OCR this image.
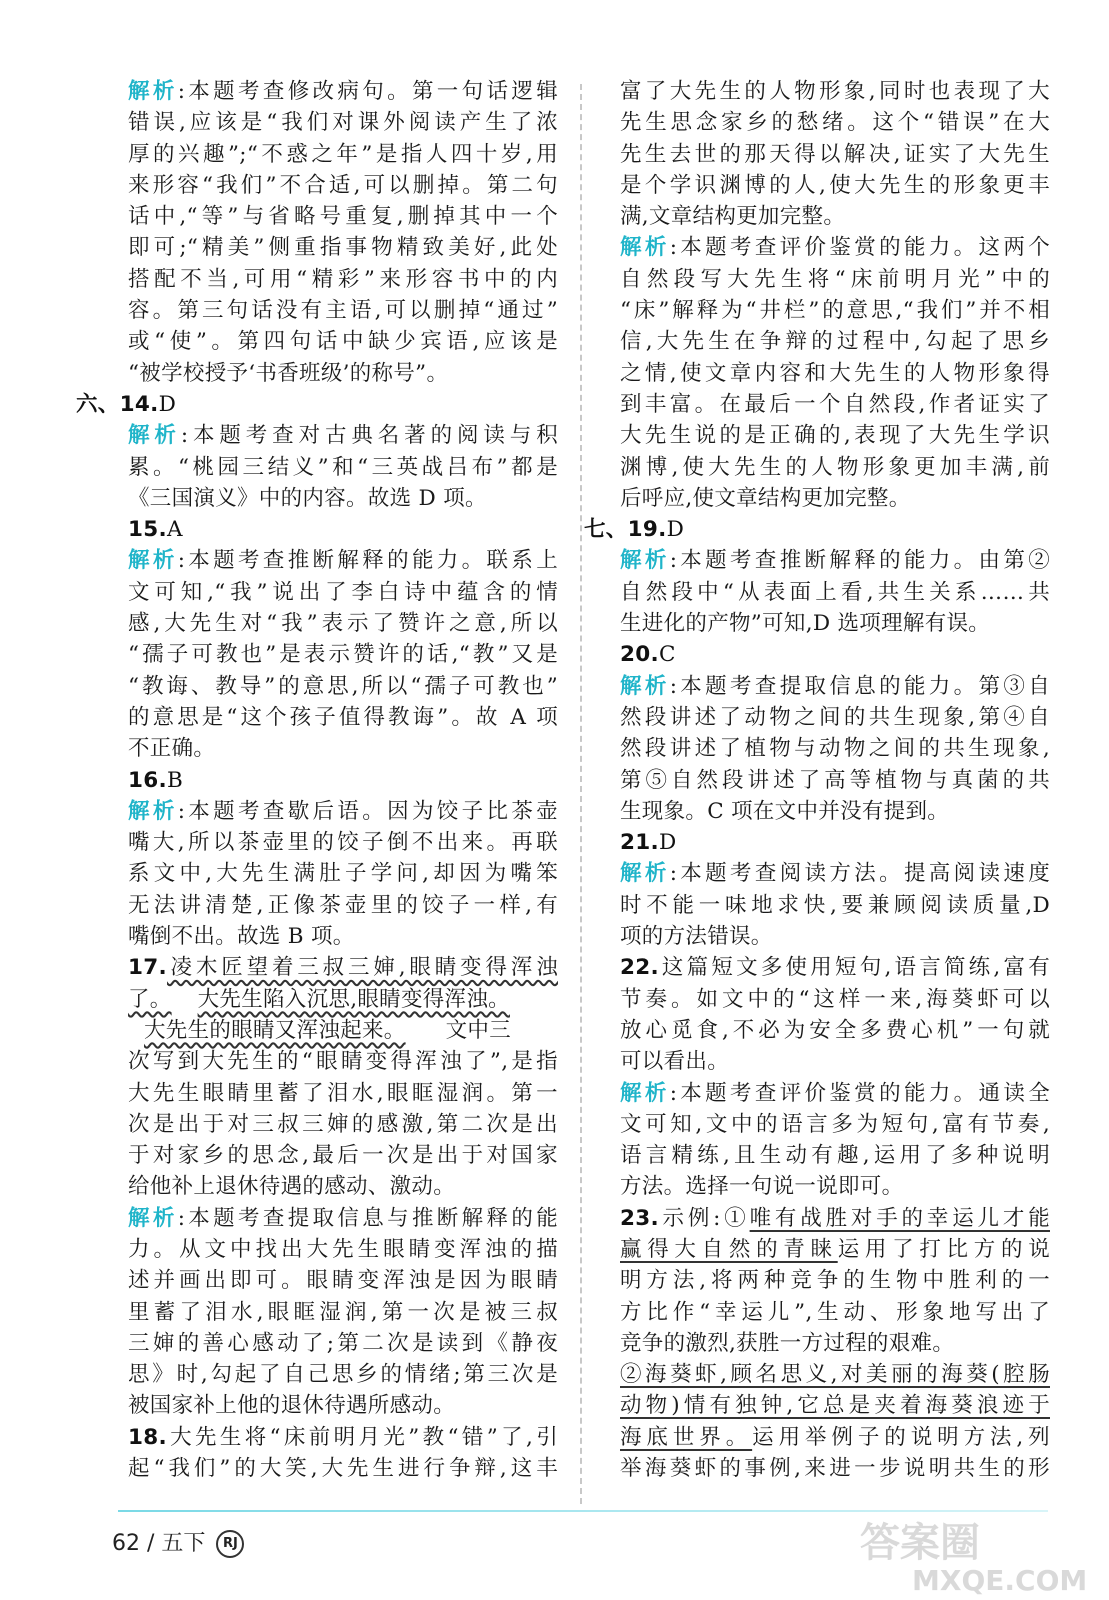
解析:本题考查修改病句。第一句话逻辑
错误,应该是“我们对课外阅读产生了浓
厚的兴趣”;“不惑之年”是指人四十岁,用
来形容“我们”不合适,可以删掉。第二句
话中,“等”与省略号重复,删掉其中一个
即可;“精美”侧重指事物精致美好,此处
搭配不当,可用“精彩”来形容书中的内
容。第三句话没有主语,可以删掉“通过”
或“使”。第四句话中缺少宾语,应该是
“被学校授予‘书香班级’的称号”。
六、14.D
解析:本题考查对古典名著的阅读与积
累。“桃园三结义”和“三英战吕布”都是
《三国演义》中的内容。故选 D 项。
15.A
解析:本题考查推断解释的能力。联系上
文可知,“我”说出了李白诗中蕴含的情
感,大先生对“我”表示了赞许之意,所以
“孺子可教也”是表示赞许的话,“教”又是
“教诲、教导”的意思,所以“孺子可教也”
的意思是“这个孩子值得教诲”。故 A 项
不正确。
16.B
解析:本题考查歇后语。因为饺子比茶壶
嘴大,所以茶壶里的饺子倒不出来。再联
系文中,大先生满肚子学问,却因为嘴笨
无法讲清楚,正像茶壶里的饺子一样,有
嘴倒不出。故选 B 项。
17.凌木匠望着三叔三婶,眼睛变得浑浊
了。 大先生陷入沉思,眼睛变得浑浊。
大先生的眼睛又浑浊起来。 文中三
次写到大先生的“眼睛变得浑浊了”,是指
大先生眼睛里蓄了泪水,眼眶湿润。第一
次是出于对三叔三婶的感激,第二次是出
于对家乡的思念,最后一次是出于对国家
给他补上退休待遇的感动、激动。
解析:本题考查提取信息与推断解释的能
力。从文中找出大先生眼睛变浑浊的描
述并画出即可。眼睛变浑浊是因为眼睛
里蓄了泪水,眼眶湿润,第一次是被三叔
三婶的善心感动了;第二次是读到《静夜
思》时,勾起了自己思乡的情绪;第三次是
被国家补上他的退休待遇所感动。
18.大先生将“床前明月光”教“错”了,引
起“我们”的大笑,大先生进行争辩,这丰
富了大先生的人物形象,同时也表现了大
先生思念家乡的愁绪。这个“错误”在大
先生去世的那天得以解决,证实了大先生
是个学识渊博的人,使大先生的形象更丰
满,文章结构更加完整。
解析:本题考查评价鉴赏的能力。这两个
自然段写大先生将“床前明月光”中的
“床”解释为“井栏”的意思,“我们”并不相
信,大先生在争辩的过程中,勾起了思乡
之情,使文章内容和大先生的人物形象得
到丰富。在最后一个自然段,作者证实了
大先生说的是正确的,表现了大先生学识
渊博,使大先生的人物形象更加丰满,前
后呼应,使文章结构更加完整。
七、19.D
解析:本题考查推断解释的能力。由第②
自然段中“从表面上看,共生关系……共
生进化的产物”可知,D 选项理解有误。
20.C
解析:本题考查提取信息的能力。第③自
然段讲述了动物之间的共生现象,第④自
然段讲述了植物与动物之间的共生现象,
第⑤自然段讲述了高等植物与真菌的共
生现象。C 项在文中并没有提到。
21.D
解析:本题考查阅读方法。提高阅读速度
时不能一味地求快,要兼顾阅读质量,D
项的方法错误。
22.这篇短文多使用短句,语言简练,富有
节奏。如文中的“这样一来,海葵虾可以
放心觅食,不必为安全多费心机”一句就
可以看出。
解析:本题考查评价鉴赏的能力。通读全
文可知,文中的语言多为短句,富有节奏,
语言精练,且生动有趣,运用了多种说明
方法。选择一句说一说即可。
23.示例:①唯有战胜对手的幸运儿才能
赢得大自然的青睐运用了打比方的说
明方法,将两种竞争的生物中胜利的一
方比作“幸运儿”,生动、形象地写出了
竞争的激烈,获胜一方过程的艰难。
②海葵虾,顾名思义,对美丽的海葵(腔肠
动物)情有独钟,它总是夹着海葵浪迹于
海底世界。运用举例子的说明方法,列
举海葵虾的事例,来进一步说明共生的形
62 / 五下 RJ	答案圈
MXQE.COM
